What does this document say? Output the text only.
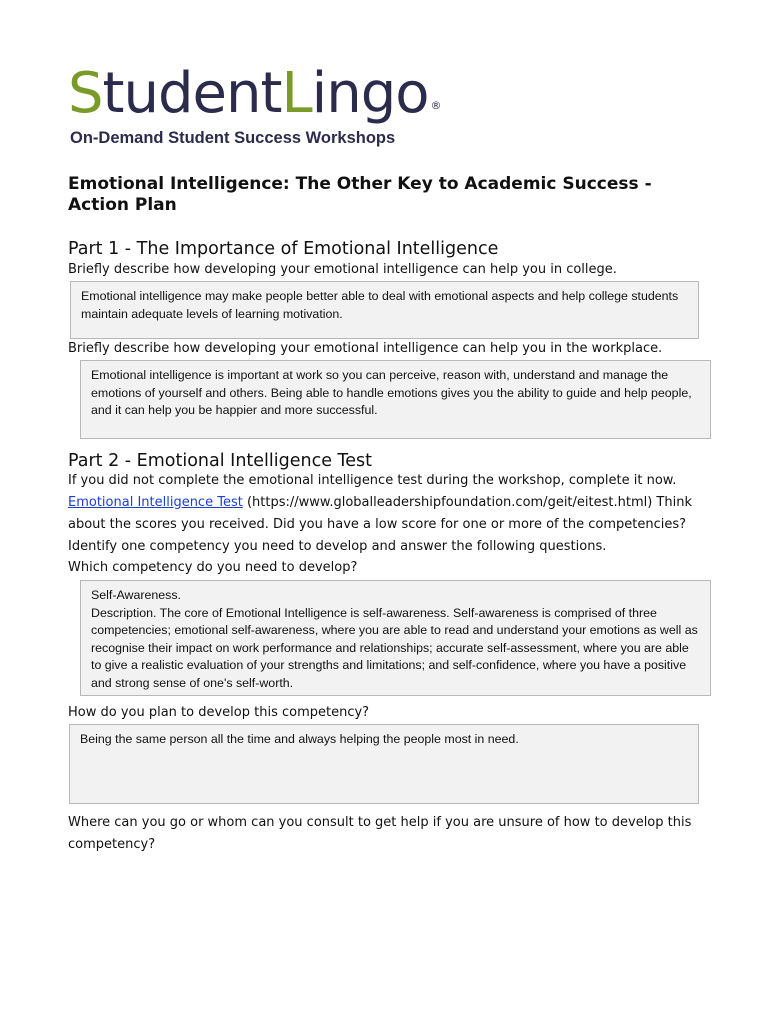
StudentLingo ®
On-Demand Student Success Workshops
Emotional Intelligence: The Other Key to Academic Success - Action Plan
Part 1 - The Importance of Emotional Intelligence

Briefly describe how developing your emotional intelligence can help you in college.

Emotional intelligence may make people better able to deal with emotional aspects and help college students maintain adequate levels of learning motivation.

Briefly describe how developing your emotional intelligence can help you in the workplace.

Emotional intelligence is important at work so you can perceive, reason with, understand and manage the emotions of yourself and others. Being able to handle emotions gives you the ability to guide and help people, and it can help you be happier and more successful.
Part 2 - Emotional Intelligence Test

If you did not complete the emotional intelligence test during the workshop, complete it now.

Emotional Intelligence Test (https://www.globalleadershipfoundation.com/geit/eitest.html) Think about the scores you received. Did you have a low score for one or more of the competencies?

Identify one competency you need to develop and answer the following questions.

Which competency do you need to develop?

Self-Awareness.
Description. The core of Emotional Intelligence is self-awareness. Self-awareness is comprised of three competencies; emotional self-awareness, where you are able to read and understand your emotions as well as recognise their impact on work performance and relationships; accurate self-assessment, where you are able to give a realistic evaluation of your strengths and limitations; and self-confidence, where you have a positive and strong sense of one's self-worth.

How do you plan to develop this competency?

Being the same person all the time and always helping the people most in need.

Where can you go or whom can you consult to get help if you are unsure of how to develop this competency?
